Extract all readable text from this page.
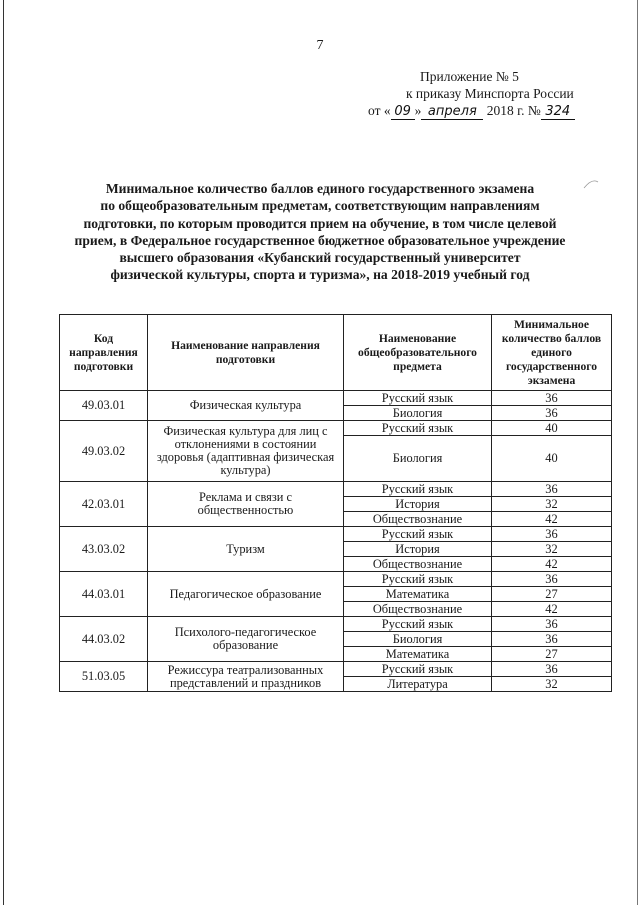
7
Приложение № 5
к приказу Минспорта России
от « 09 » апреля 2018 г. № 324
Минимальное количество баллов единого государственного экзамена
по общеобразовательным предметам, соответствующим направлениям
подготовки, по которым проводится прием на обучение, в том числе целевой
прием, в Федеральное государственное бюджетное образовательное учреждение
высшего образования «Кубанский государственный университет
физической культуры, спорта и туризма», на 2018-2019 учебный год
Код направления подготовки	Наименование направления подготовки	Наименование общеобразовательного предмета	Минимальное количество баллов единого государственного экзамена
49.03.01	Физическая культура	Русский язык	36
		Биология	36
49.03.02	Физическая культура для лиц с отклонениями в состоянии здоровья (адаптивная физическая культура)	Русский язык	40
		Биология	40
42.03.01	Реклама и связи с общественностью	Русский язык	36
		История	32
		Обществознание	42
43.03.02	Туризм	Русский язык	36
		История	32
		Обществознание	42
44.03.01	Педагогическое образование	Русский язык	36
		Математика	27
		Обществознание	42
44.03.02	Психолого-педагогическое образование	Русский язык	36
		Биология	36
		Математика	27
51.03.05	Режиссура театрализованных представлений и праздников	Русский язык	36
		Литература	32
